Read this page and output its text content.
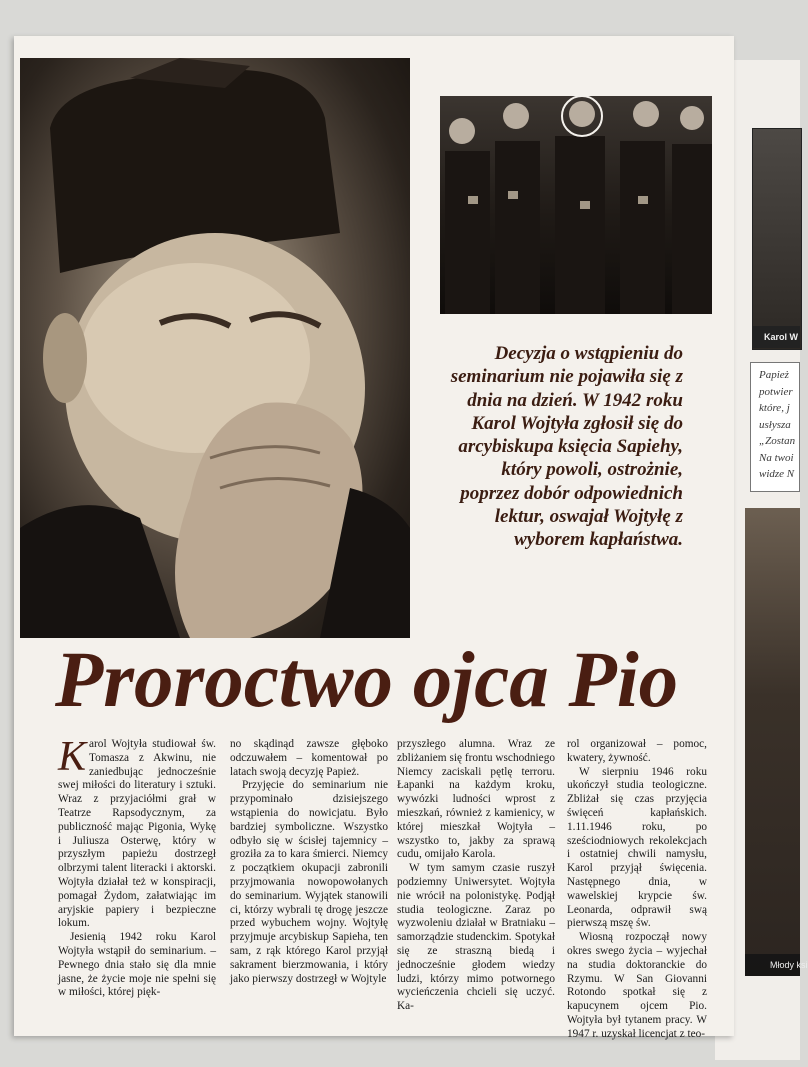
Decyzja o wstąpieniu do seminarium nie pojawiła się z dnia na dzień. W 1942 roku Karol Wojtyła zgłosił się do arcybiskupa księcia Sapiehy, który powoli, ostrożnie, poprzez dobór odpowiednich lektur, oswajał Wojtyłę z wyborem kapłaństwa.

Proroctwo ojca Pio

Karol Wojtyła studiował św. Tomasza z Akwinu, nie zaniedbując jednocześnie swej miłości do literatury i sztuki. Wraz z przyjaciółmi grał w Teatrze Rapsodycznym, za publiczność mając Pigonia, Wykę i Juliusza Osterwę, który w przyszłym papieżu dostrzegł olbrzymi talent literacki i aktorski. Wojtyła działał też w konspiracji, pomagał Żydom, załatwiając im aryjskie papiery i bezpieczne lokum.

Jesienią 1942 roku Karol Wojtyła wstąpił do seminarium. – Pewnego dnia stało się dla mnie jasne, że życie moje nie spełni się w miłości, której pięk-

no skądinąd zawsze głęboko odczuwałem – komentował po latach swoją decyzję Papież.

Przyjęcie do seminarium nie przypominało dzisiejszego wstąpienia do nowicjatu. Było bardziej symboliczne. Wszystko odbyło się w ścisłej tajemnicy – groziła za to kara śmierci. Niemcy z początkiem okupacji zabronili przyjmowania nowopowołanych do seminarium. Wyjątek stanowili ci, którzy wybrali tę drogę jeszcze przed wybuchem wojny. Wojtyłę przyjmuje arcybiskup Sapieha, ten sam, z rąk którego Karol przyjął sakrament bierzmowania, i który jako pierwszy dostrzegł w Wojtyle

przyszłego alumna. Wraz ze zbliżaniem się frontu wschodniego Niemcy zaciskali pętlę terroru. Łapanki na każdym kroku, wywózki ludności wprost z mieszkań, również z kamienicy, w której mieszkał Wojtyła – wszystko to, jakby za sprawą cudu, omijało Karola.

W tym samym czasie ruszył podziemny Uniwersytet. Wojtyła nie wrócił na polonistykę. Podjął studia teologiczne. Zaraz po wyzwoleniu działał w Bratniaku – samorządzie studenckim. Spotykał się ze straszną biedą i jednocześnie głodem wiedzy ludzi, którzy mimo potwornego wycieńczenia chcieli się uczyć. Ka-

rol organizował – pomoc, kwatery, żywność.

W sierpniu 1946 roku ukończył studia teologiczne. Zbliżał się czas przyjęcia święceń kapłańskich. 1.11.1946 roku, po sześciodniowych rekolekcjach i ostatniej chwili namysłu, Karol przyjął święcenia. Następnego dnia, w wawelskiej krypcie św. Leonarda, odprawił swą pierwszą mszę św.

Wiosną rozpoczął nowy okres swego życia – wyjechał na studia doktoranckie do Rzymu. W San Giovanni Rotondo spotkał się z kapucynem ojcem Pio. Wojtyła był tytanem pracy. W 1947 r. uzyskał licencjat z teo-

Karol W
Papież
potwier
które, j
usłysza
„Zostan
Na twoi
widze N
Młody ksi
